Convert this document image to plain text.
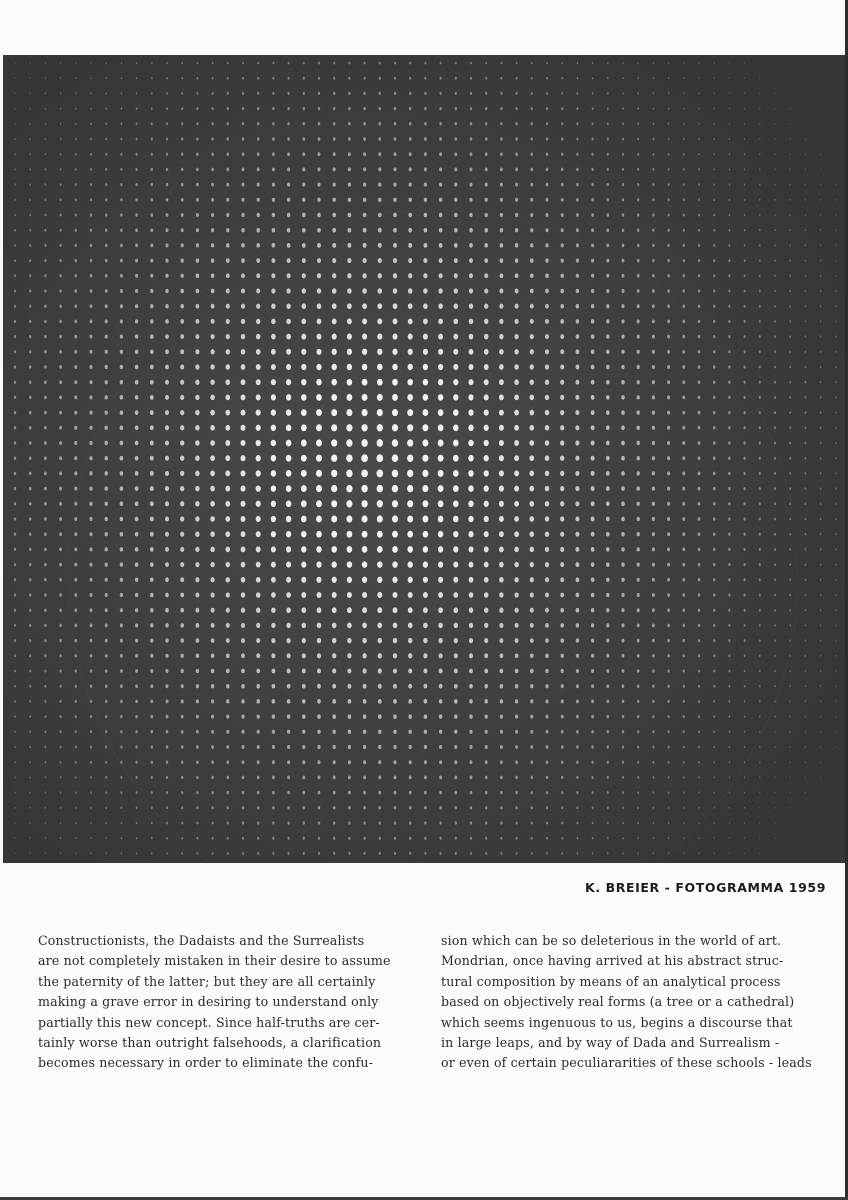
K. BREIER - FOTOGRAMMA 1959
Constructionists, the Dadaists and the Surrealists
are not completely mistaken in their desire to assume
the paternity of the latter; but they are all certainly
making a grave error in desiring to understand only
partially this new concept. Since half-truths are cer-
tainly worse than outright falsehoods, a clarification
becomes necessary in order to eliminate the confu-
sion which can be so deleterious in the world of art.
Mondrian, once having arrived at his abstract struc-
tural composition by means of an analytical process
based on objectively real forms (a tree or a cathedral)
which seems ingenuous to us, begins a discourse that
in large leaps, and by way of Dada and Surrealism -
or even of certain peculiararities of these schools - leads
